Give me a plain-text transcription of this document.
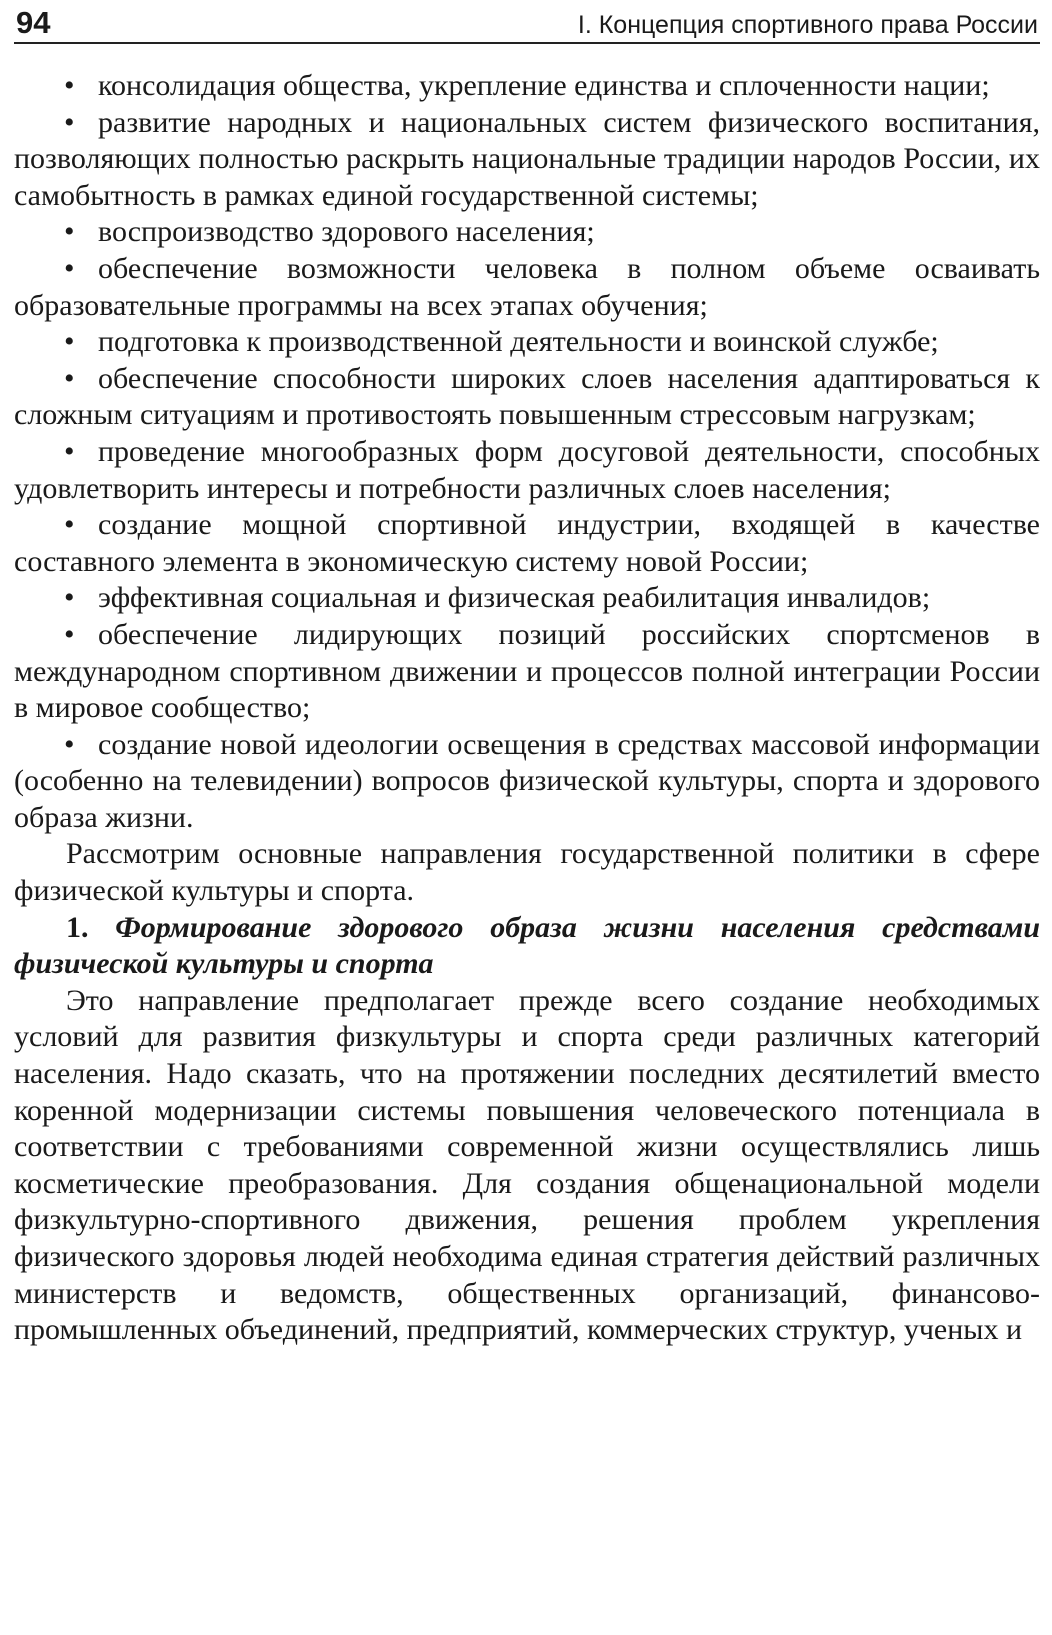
94	I. Концепция спортивного права России

• консолидация общества, укрепление единства и сплоченности нации;

• развитие народных и национальных систем физического воспитания, позволяющих полностью раскрыть национальные традиции народов России, их самобытность в рамках единой государственной системы;

• воспроизводство здорового населения;

• обеспечение возможности человека в полном объеме осваивать образовательные программы на всех этапах обучения;

• подготовка к производственной деятельности и воинской службе;

• обеспечение способности широких слоев населения адаптироваться к сложным ситуациям и противостоять повышенным стрессовым нагрузкам;

• проведение многообразных форм досуговой деятельности, способных удовлетворить интересы и потребности различных слоев населения;

• создание мощной спортивной индустрии, входящей в качестве составного элемента в экономическую систему новой России;

• эффективная социальная и физическая реабилитация инвалидов;

• обеспечение лидирующих позиций российских спортсменов в международном спортивном движении и процессов полной интеграции России в мировое сообщество;

• создание новой идеологии освещения в средствах массовой информации (особенно на телевидении) вопросов физической культуры, спорта и здорового образа жизни.

Рассмотрим основные направления государственной политики в сфере физической культуры и спорта.

1. Формирование здорового образа жизни населения средствами физической культуры и спорта

Это направление предполагает прежде всего создание необходимых условий для развития физкультуры и спорта среди различных категорий населения. Надо сказать, что на протяжении последних десятилетий вместо коренной модернизации системы повышения человеческого потенциала в соответствии с требованиями современной жизни осуществлялись лишь косметические преобразования. Для создания общенациональной модели физкультурно-спортивного движения, решения проблем укрепления физического здоровья людей необходима единая стратегия действий различных министерств и ведомств, общественных организаций, финансово-промышленных объединений, предприятий, коммерческих структур, ученых и
